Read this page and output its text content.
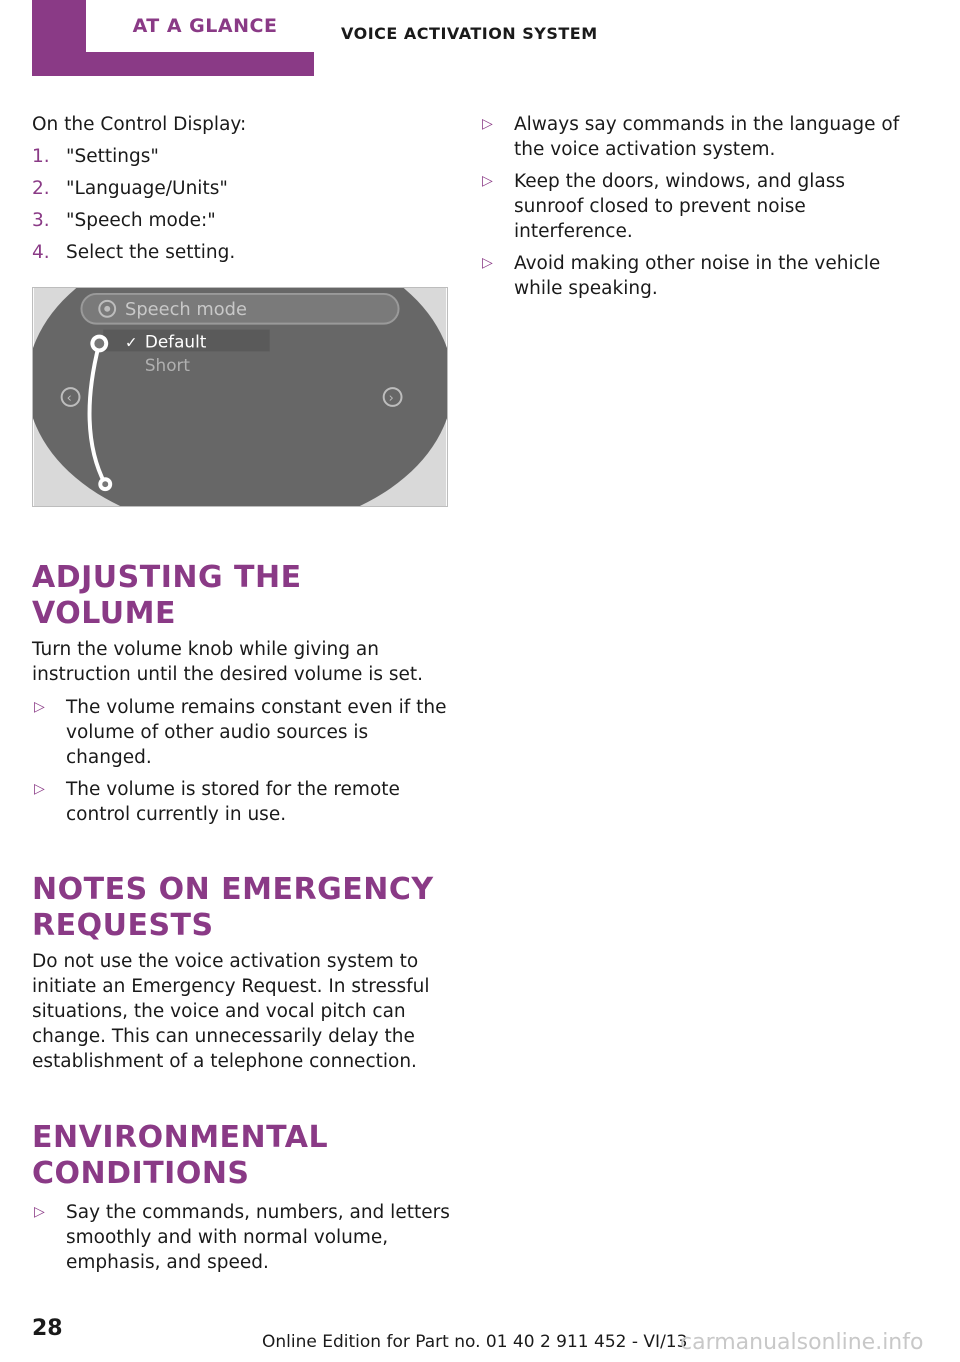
AT A GLANCE	VOICE ACTIVATION SYSTEM

On the Control Display:

1. "Settings"
2. "Language/Units"
3. "Speech mode:"
4. Select the setting.
Speech mode
✓ Default
Short
‹	›
ADJUSTING THE VOLUME

Turn the volume knob while giving an instruction until the desired volume is set.

▷ The volume remains constant even if the volume of other audio sources is changed.
▷ The volume is stored for the remote control currently in use.
NOTES ON EMERGENCY REQUESTS

Do not use the voice activation system to initiate an Emergency Request. In stressful situations, the voice and vocal pitch can change. This can unnecessarily delay the establishment of a telephone connection.

ENVIRONMENTAL CONDITIONS
▷ Say the commands, numbers, and letters smoothly and with normal volume, emphasis, and speed.
▷ Always say commands in the language of the voice activation system.
▷ Keep the doors, windows, and glass sunroof closed to prevent noise interference.
▷ Avoid making other noise in the vehicle while speaking.
28
Online Edition for Part no. 01 40 2 911 452 - VI/13
carmanualsonline.info
